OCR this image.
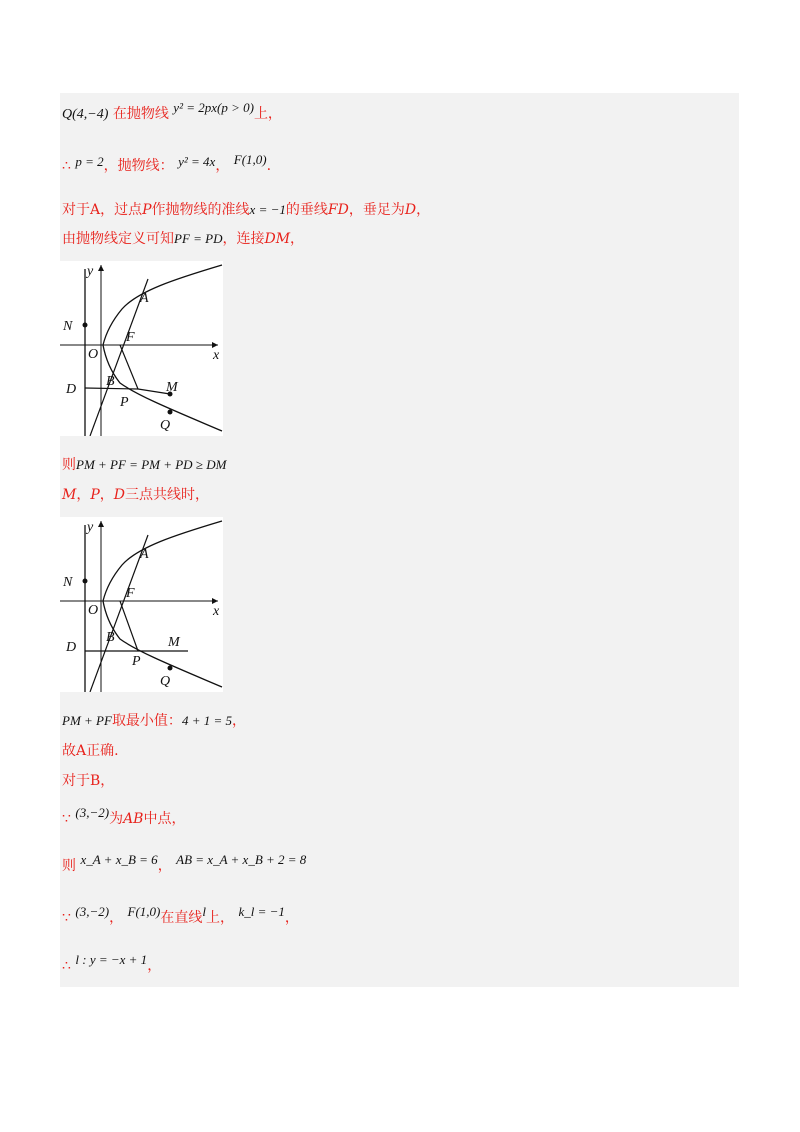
Q(4,−4) 在抛物线 y² = 2px(p > 0)上，
∴ p = 2，抛物线： y² = 4x， F(1,0).
对于A，过点P作抛物线的准线x = −1的垂线FD，垂足为D，
由抛物线定义可知PF = PD，连接DM，
y
x
N
O
F
A
D
B
P
M
Q
则PM + PF = PM + PD ≥ DM
M，P，D三点共线时，
y
x
N
O
F
A
D
B
P
M
Q
PM + PF取最小值：4 + 1 = 5，
故A正确.
对于B，
∵ (3,−2)为AB中点，
则 x_A + x_B = 6， AB = x_A + x_B + 2 = 8
∵ (3,−2)， F(1,0)在直线l上， k_l = −1，
∴ l : y = −x + 1，
